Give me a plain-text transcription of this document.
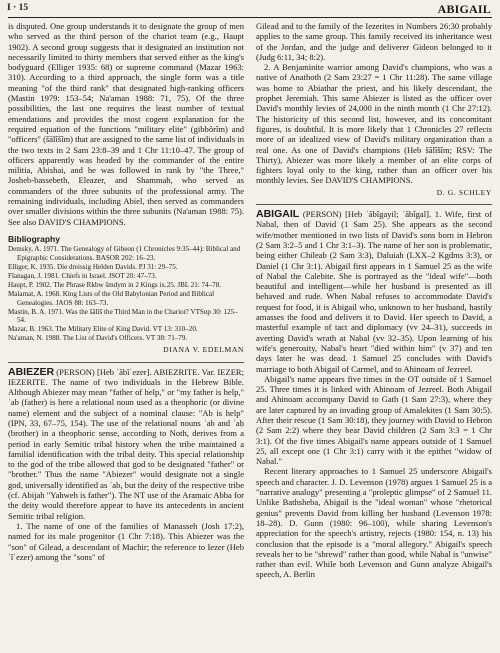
I · 15	ABIGAIL

is disputed. One group understands it to designate the group of men who served as the third person of the chariot team (e.g., Haupt 1902). A second group suggests that it designated an institution not necessarily limited to thirty members that served either as the king's bodyguard (Elliger 1935: 68) or supreme command (Mazar 1963: 310). According to a third approach, the single form was a title meaning "of the third rank" that designated high-ranking officers (Mastin 1979: 153–54; Na'aman 1988: 71, 75). Of the three possibilities, the last one requires the least number of textual emendations and provides the most cogent explanation for the required equation of the functions "military elite" (gibbôrîm) and "officers" (šālîšîm) that are assigned to the same list of individuals in the two texts in 2 Sam 23:8–39 and 1 Chr 11:10–47. The group of officers apparently was headed by the commander of the entire militia, Abishai, and he was followed in rank by "the Three," Josheb-bassebeth, Eleazer, and Shammah, who served as commanders of the three subunits of the professional army. The remaining individuals, including Abiel, then served as commanders over smaller divisions within the three subunits (Na'aman 1988: 75). See also DAVID'S CHAMPIONS.

Bibliography
Demsky, A. 1971. The Genealogy of Gibeon (1 Chronicles 9:35–44): Biblical and Epigraphic Considerations. BASOR 202: 16–23.
Elliger, K. 1935. Die dreissig Helden Davids. PJ 31: 29–75.
Flanagan, J. 1981. Chiefs in Israel. JSOT 20: 47–73.
Haupt, P. 1902. The Phrase Rkbw šmdym in 2 Kings ix.25. JBL 21: 74–78.
Malamat, A. 1968. King Lists of the Old Babylonian Period and Biblical Genealogies. JAOS 88: 163–73.
Mastin, B. A. 1971. Was the šālîš the Third Man in the Chariot? VTSup 30: 125–54.
Mazar, B. 1963. The Military Elite of King David. VT 13: 310–20.
Na'aman, N. 1988. The List of David's Officers. VT 38: 71–79.
DIANA V. EDELMAN

ABIEZER (PERSON) [Heb ʾăbîʿezer]. ABIEZRITE. Var. IEZER; IEZERITE. The name of two individuals in the Hebrew Bible. Although Abiezer may mean "father of help," or "my father is help," ʾab (father) is here a relational noun used as a theophoric (or divine name) element and the subject of a nominal clause: "Ab is help" (IPN, 33, 67–75, 154). The use of the relational nouns ʾab and ʾaḥ (brother) in a theophoric sense, according to Noth, derives from a period in early Semitic tribal history when the tribe maintained a familial identification with the tribal deity. This special relationship to the god of the tribe allowed that god to be designated "father" or "brother." Thus the name "Abiezer" would designate not a single god, universally identified as ʾab, but the deity of the respective tribe (cf. Abijah "Yahweh is father"). The NT use of the Aramaic Abba for the deity would therefore appear to have its antecedents in ancient Semitic tribal religion.

1. The name of one of the families of Manasseh (Josh 17:2), named for its male progenitor (1 Chr 7:18). This Abiezer was the "son" of Gilead, a descendant of Machir; the reference to Iezer (Heb ʾîʿezer) among the "sons" of

Gilead and to the family of the Iezerites in Numbers 26:30 probably applies to the same group. This family received its inheritance west of the Jordan, and the judge and deliverer Gideon belonged to it (Judg 6:11, 34; 8:2).

2. A Benjaminite warrior among David's champions, who was a native of Anathoth (2 Sam 23:27 = 1 Chr 11:28). The same village was home to Abiathar the priest, and his likely descendant, the prophet Jeremiah. This same Abiezer is listed as the officer over David's monthly levies of 24,000 in the ninth month (1 Chr 27:12). The historicity of this second list, however, and its concomitant figures, is doubtful. It is more likely that 1 Chronicles 27 reflects more of an idealized view of David's military organization than a real one. As one of David's champions (Heb šālîšîm; RSV: The Thirty), Abiezer was more likely a member of an elite corps of fighters loyal only to the king, rather than an officer over his monthly levies. See DAVID'S CHAMPIONS.

D. G. SCHLEY

ABIGAIL (PERSON) [Heb ʾăbîgayil; ʾăbîgal]. 1. Wife, first of Nabal, then of David (1 Sam 25). She appears as the second wife/mother mentioned in two lists of David's sons born in Hebron (2 Sam 3:2–5 and 1 Chr 3:1–3). The name of her son is problematic, being either Chileab (2 Sam 3:3), Daluiah (LXX–2 Kgdms 3:3), or Daniel (1 Chr 3:1). Abigail first appears in 1 Samuel 25 as the wife of Nabal the Calebite. She is portrayed as the "ideal wife"—both beautiful and intelligent—while her husband is presented as ill behaved and rude. When Nabal refuses to accommodate David's request for food, it is Abigail who, unknown to her husband, hastily amasses the food and delivers it to David. Her speech to David, a masterful example of tact and diplomacy (vv 24–31), succeeds in averting David's wrath at Nabal (vv 32–35). Upon learning of his wife's generosity, Nabal's heart "died within him" (v 37) and ten days later he was dead. 1 Samuel 25 concludes with David's marriage to both Abigail of Carmel, and to Ahinoam of Jezreel.

Abigail's name appears five times in the OT outside of 1 Samuel 25. Three times it is linked with Ahinoam of Jezreel. Both Abigail and Ahinoam accompany David to Gath (1 Sam 27:3), where they are later captured by an invading group of Amalekites (1 Sam 30:5). After their rescue (1 Sam 30:18), they journey with David to Hebron (2 Sam 2:2) where they bear David children (2 Sam 3:3 = 1 Chr 3:1). Of the five times Abigail's name appears outside of 1 Samuel 25, all except one (1 Chr 3:1) carry with it the epithet "widow of Nabal."

Recent literary approaches to 1 Samuel 25 underscore Abigail's speech and character. J. D. Levenson (1978) argues 1 Samuel 25 is a "narrative analogy" presenting a "proleptic glimpse" of 2 Samuel 11. Unlike Bathsheba, Abigail is the "ideal woman" whose "rhetorical genius" prevents David from killing her husband (Levenson 1978: 18–28). D. Gunn (1980: 96–100), while sharing Levenson's appreciation for the speech's artistry, rejects (1980: 154, n. 13) his conclusion that the episode is a "moral allegory." Abigail's speech reveals her to be "shrewd" rather than good, while Nabal is "unwise" rather than evil. While both Levenson and Gunn analyze Abigail's speech, A. Berlin
